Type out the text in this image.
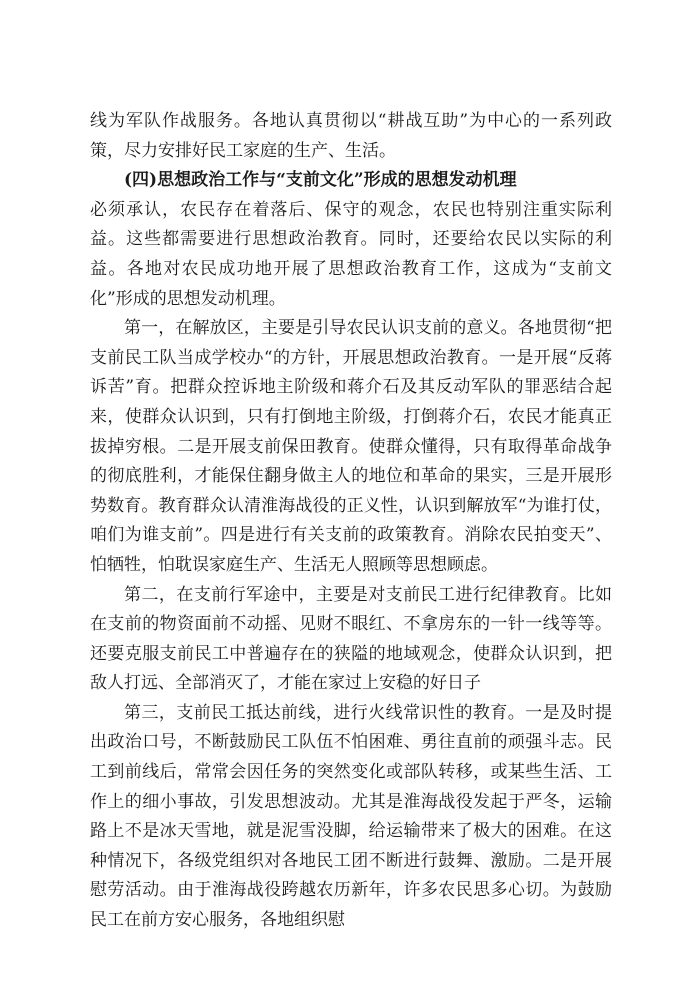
线为军队作战服务。各地认真贯彻以“耕战互助”为中心的一系列政策，尽力安排好民工家庭的生产、生活。

(四)思想政治工作与“支前文化”形成的思想发动机理

必须承认，农民存在着落后、保守的观念，农民也特别注重实际利益。这些都需要进行思想政治教育。同时，还要给农民以实际的利益。各地对农民成功地开展了思想政治教育工作，这成为“支前文化”形成的思想发动机理。

第一，在解放区，主要是引导农民认识支前的意义。各地贯彻“把支前民工队当成学校办“的方针，开展思想政治教育。一是开展“反蒋诉苦”育。把群众控诉地主阶级和蒋介石及其反动军队的罪恶结合起来，使群众认识到，只有打倒地主阶级，打倒蒋介石，农民才能真正拔掉穷根。二是开展支前保田教育。使群众懂得，只有取得革命战争的彻底胜利，才能保住翻身做主人的地位和革命的果实，三是开展形势数育。教育群众认清淮海战役的正义性，认识到解放军“为谁打仗，咱们为谁支前”。四是进行有关支前的政策教育。消除农民拍变天”、怕牺牲，怕耽误家庭生产、生活无人照顾等思想顾虑。

第二，在支前行军途中，主要是对支前民工进行纪律教育。比如在支前的物资面前不动摇、见财不眼红、不拿房东的一针一线等等。还要克服支前民工中普遍存在的狭隘的地域观念，使群众认识到，把敌人打远、全部消灭了，才能在家过上安稳的好日子

第三，支前民工抵达前线，进行火线常识性的教育。一是及时提出政治口号，不断鼓励民工队伍不怕困难、勇往直前的顽强斗志。民工到前线后，常常会因任务的突然变化或部队转移，或某些生活、工作上的细小事故，引发思想波动。尤其是淮海战役发起于严冬，运输路上不是冰天雪地，就是泥雪没脚，给运输带来了极大的困难。在这种情况下，各级党组织对各地民工团不断进行鼓舞、激励。二是开展慰劳活动。由于淮海战役跨越农历新年，许多农民思多心切。为鼓励民工在前方安心服务，各地组织慰
